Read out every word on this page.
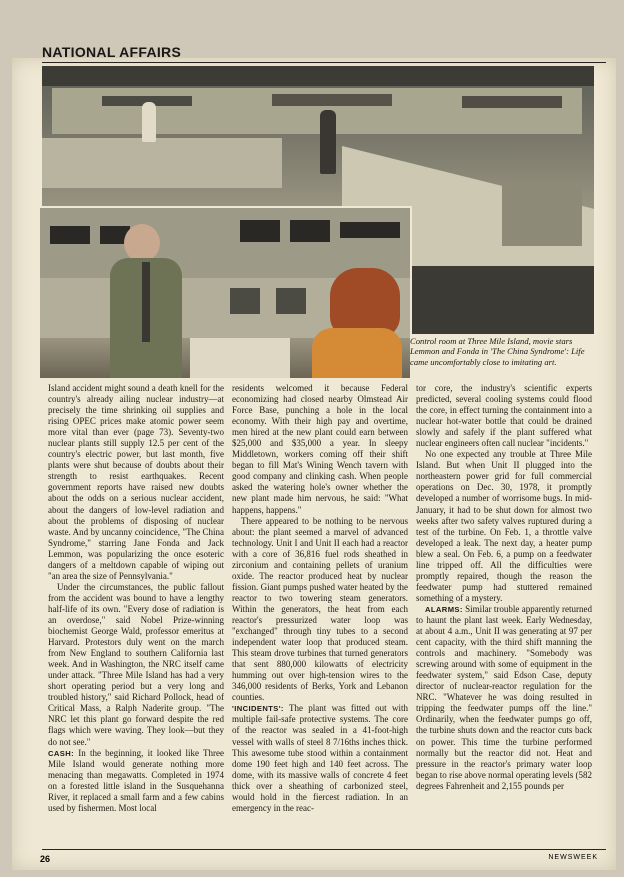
NATIONAL AFFAIRS
Control room at Three Mile Island, movie stars Lemmon and Fonda in 'The China Syndrome': Life came uncomfortably close to imitating art.

Island accident might sound a death knell for the country's already ailing nuclear industry—at precisely the time shrinking oil supplies and rising OPEC prices make atomic power seem more vital than ever (page 73). Seventy-two nuclear plants still supply 12.5 per cent of the country's electric power, but last month, five plants were shut because of doubts about their strength to resist earthquakes. Recent government reports have raised new doubts about the odds on a serious nuclear accident, about the dangers of low-level radiation and about the problems of disposing of nuclear waste. And by uncanny coincidence, "The China Syndrome," starring Jane Fonda and Jack Lemmon, was popularizing the once esoteric dangers of a meltdown capable of wiping out "an area the size of Pennsylvania."

Under the circumstances, the public fallout from the accident was bound to have a lengthy half-life of its own. "Every dose of radiation is an overdose," said Nobel Prize-winning biochemist George Wald, professor emeritus at Harvard. Protestors duly went on the march from New England to southern California last week. And in Washington, the NRC itself came under attack. "Three Mile Island has had a very short operating period but a very long and troubled history," said Richard Pollock, head of Critical Mass, a Ralph Naderite group. "The NRC let this plant go forward despite the red flags which were waving. They look—but they do not see."

CASH: In the beginning, it looked like Three Mile Island would generate nothing more menacing than megawatts. Completed in 1974 on a forested little island in the Susquehanna River, it replaced a small farm and a few cabins used by fishermen. Most local

residents welcomed it because Federal economizing had closed nearby Olmstead Air Force Base, punching a hole in the local economy. With their high pay and overtime, men hired at the new plant could earn between $25,000 and $35,000 a year. In sleepy Middletown, workers coming off their shift began to fill Mat's Wining Wench tavern with good company and clinking cash. When people asked the watering hole's owner whether the new plant made him nervous, he said: "What happens, happens."

There appeared to be nothing to be nervous about: the plant seemed a marvel of advanced technology. Unit I and Unit II each had a reactor with a core of 36,816 fuel rods sheathed in zirconium and containing pellets of uranium oxide. The reactor produced heat by nuclear fission. Giant pumps pushed water heated by the reactor to two towering steam generators. Within the generators, the heat from each reactor's pressurized water loop was "exchanged" through tiny tubes to a second independent water loop that produced steam. This steam drove turbines that turned generators that sent 880,000 kilowatts of electricity humming out over high-tension wires to the 346,000 residents of Berks, York and Lebanon counties.

'INCIDENTS': The plant was fitted out with multiple fail-safe protective systems. The core of the reactor was sealed in a 41-foot-high vessel with walls of steel 8 7/16ths inches thick. This awesome tube stood within a containment dome 190 feet high and 140 feet across. The dome, with its massive walls of concrete 4 feet thick over a sheathing of carbonized steel, would hold in the fiercest radiation. In an emergency in the reac-

tor core, the industry's scientific experts predicted, several cooling systems could flood the core, in effect turning the containment into a nuclear hot-water bottle that could be drained slowly and safely if the plant suffered what nuclear engineers often call nuclear "incidents."

No one expected any trouble at Three Mile Island. But when Unit II plugged into the northeastern power grid for full commercial operations on Dec. 30, 1978, it promptly developed a number of worrisome bugs. In mid-January, it had to be shut down for almost two weeks after two safety valves ruptured during a test of the turbine. On Feb. 1, a throttle valve developed a leak. The next day, a heater pump blew a seal. On Feb. 6, a pump on a feedwater line tripped off. All the difficulties were promptly repaired, though the reason the feedwater pump had stuttered remained something of a mystery.

ALARMS: Similar trouble apparently returned to haunt the plant last week. Early Wednesday, at about 4 a.m., Unit II was generating at 97 per cent capacity, with the third shift manning the controls and machinery. "Somebody was screwing around with some of equipment in the feedwater system," said Edson Case, deputy director of nuclear-reactor regulation for the NRC. "Whatever he was doing resulted in tripping the feedwater pumps off the line." Ordinarily, when the feedwater pumps go off, the turbine shuts down and the reactor cuts back on power. This time the turbine performed normally but the reactor did not. Heat and pressure in the reactor's primary water loop began to rise above normal operating levels (582 degrees Fahrenheit and 2,155 pounds per

26	NEWSWEEK
